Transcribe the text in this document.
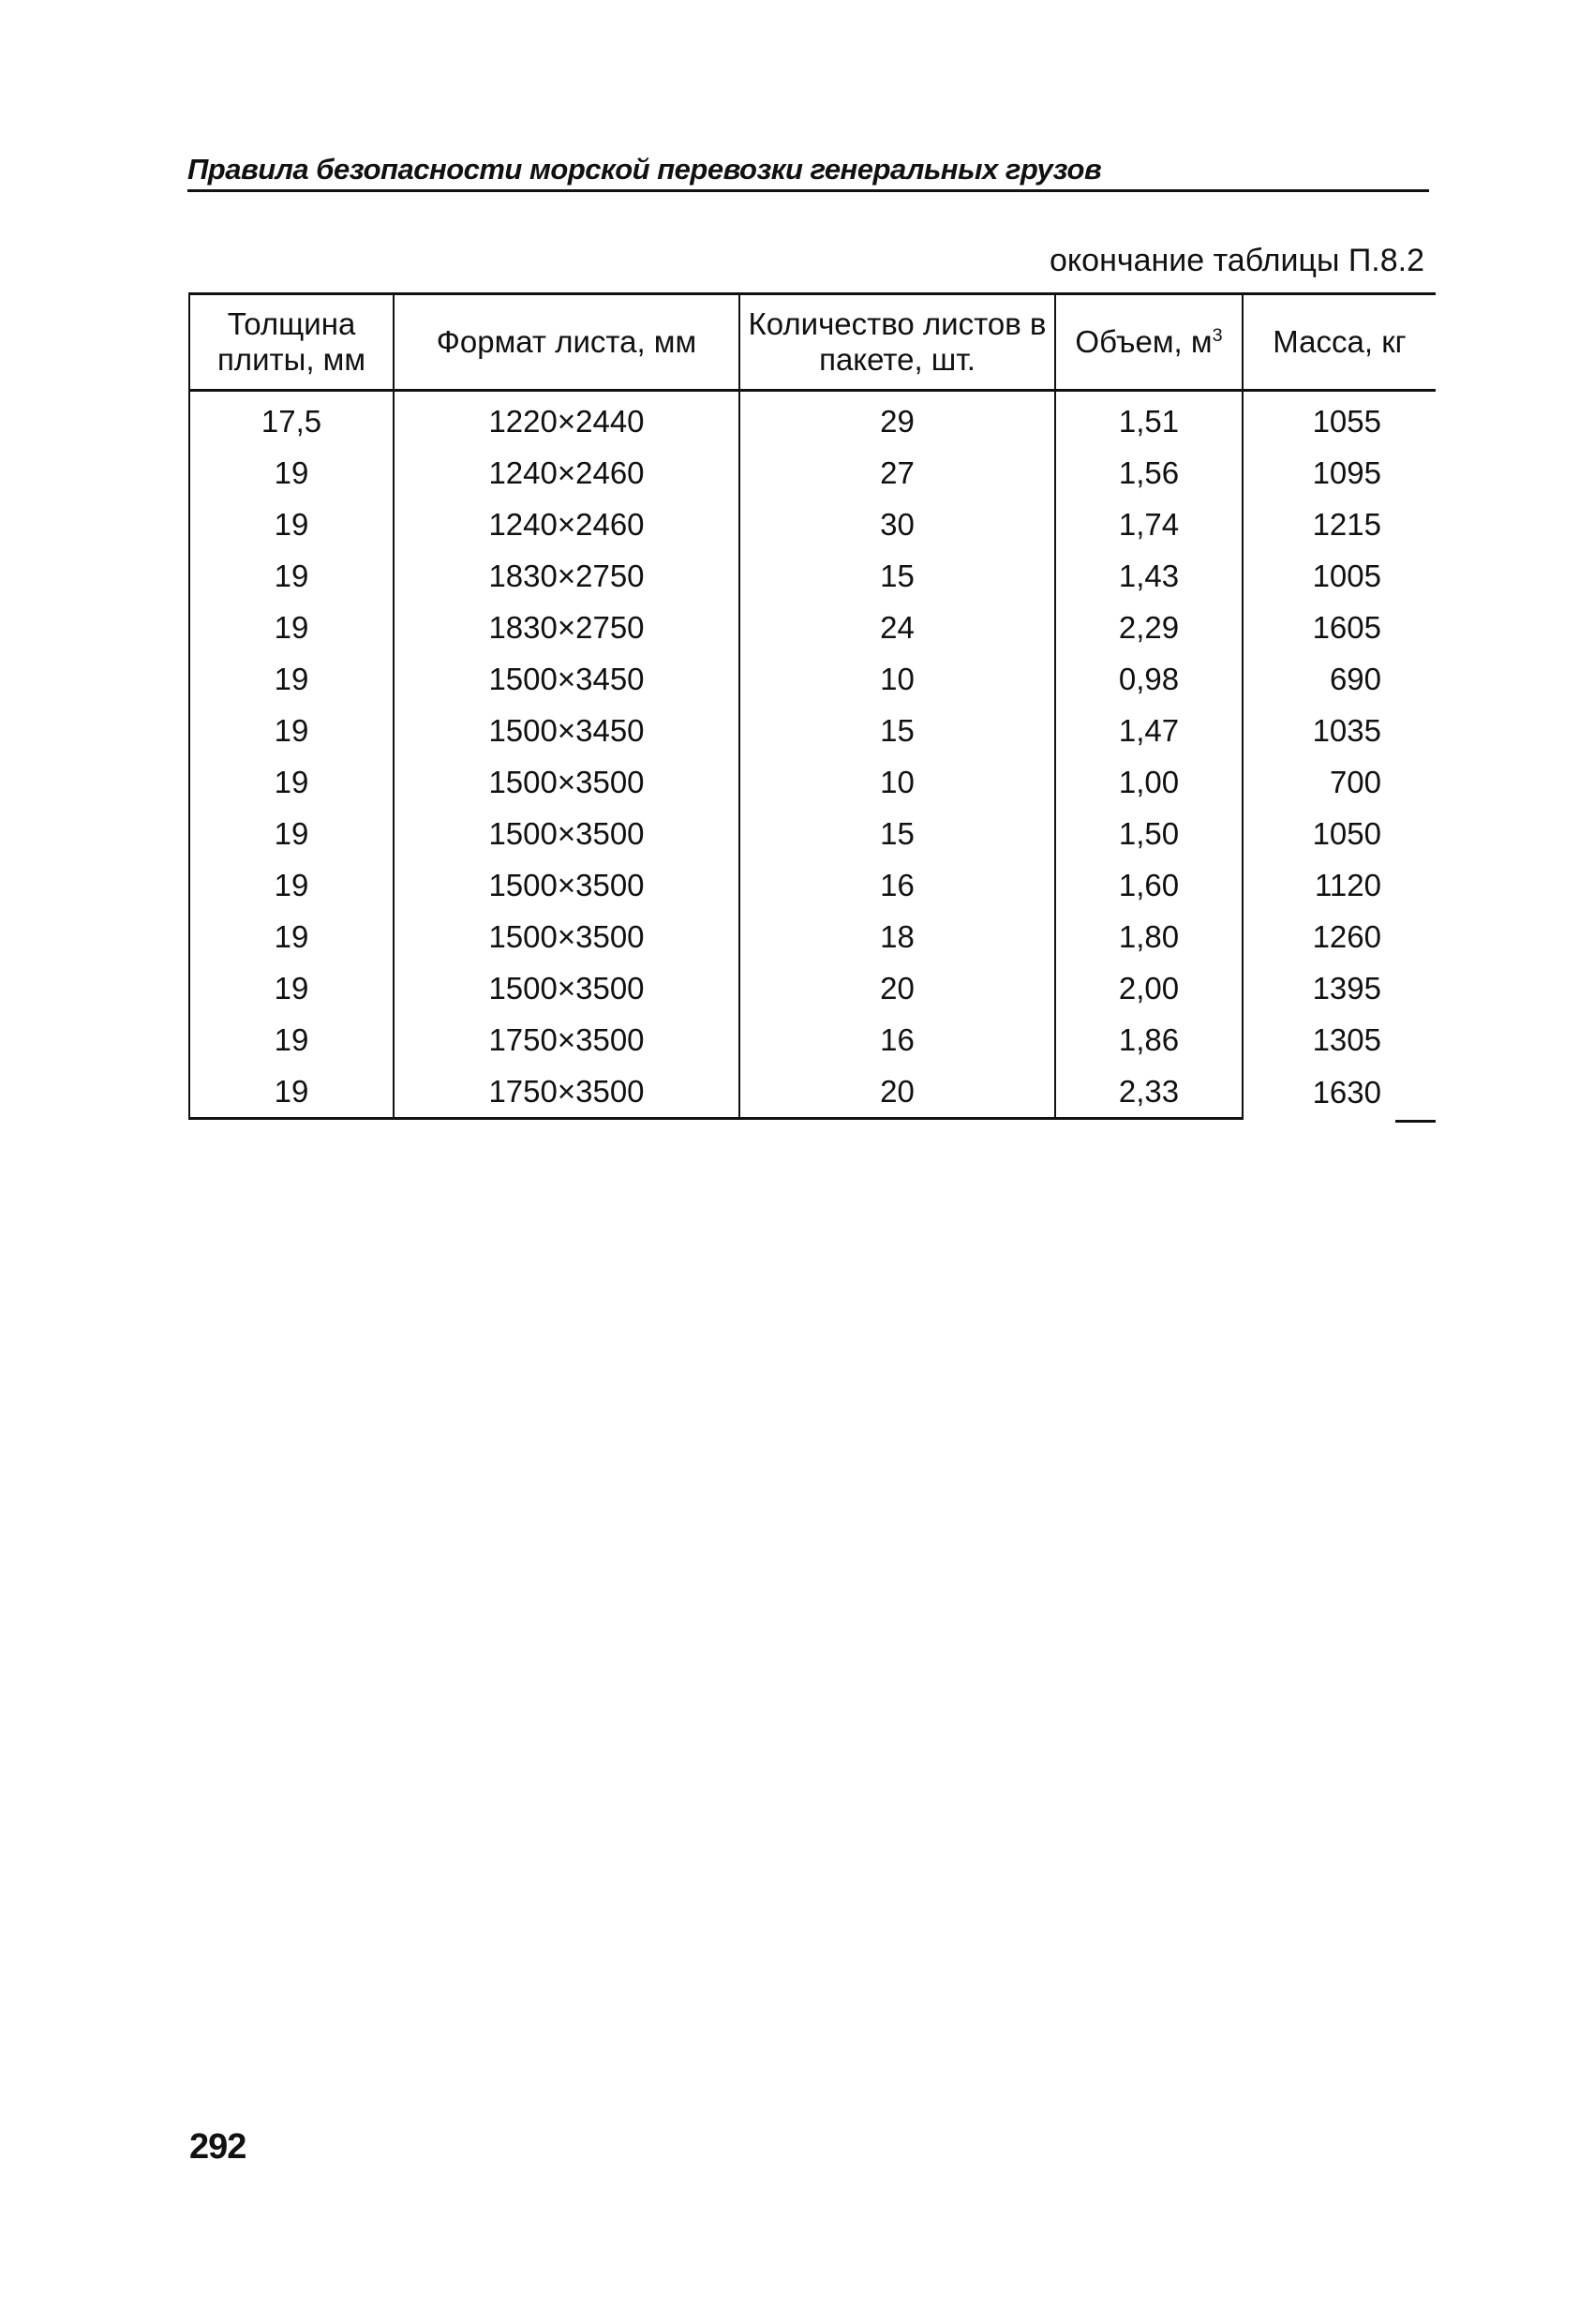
Правила безопасности морской перевозки генеральных грузов
окончание таблицы П.8.2
Толщина плиты, мм	Формат листа, мм	Количество листов в пакете, шт.	Объем, $м^3$	Масса, кг
17,5	1220×2440	29	1,51	1055
19	1240×2460	27	1,56	1095
19	1240×2460	30	1,74	1215
19	1830×2750	15	1,43	1005
19	1830×2750	24	2,29	1605
19	1500×3450	10	0,98	690
19	1500×3450	15	1,47	1035
19	1500×3500	10	1,00	700
19	1500×3500	15	1,50	1050
19	1500×3500	16	1,60	1120
19	1500×3500	18	1,80	1260
19	1500×3500	20	2,00	1395
19	1750×3500	16	1,86	1305
19	1750×3500	20	2,33	1630
292
